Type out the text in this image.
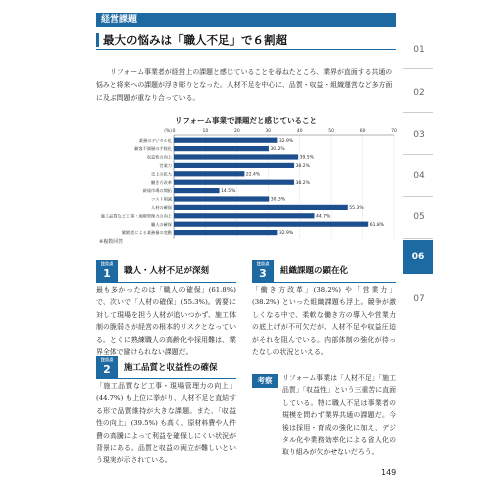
経営課題
最大の悩みは「職人不足」で６割超
リフォーム事業者が経営上の課題と感じていることを尋ねたところ、業界が直面する共通の悩みと将来への課題が浮き彫りとなった。人材不足を中心に、品質・収益・組織運営など多方面に及ぶ問題が重なり合っている。
リフォーム事業で課題だと感じていること
(%) 0	10	20	30	40	50	60	70
業務のデジタル化	32.9%
顧客不満層の手数化	30.2%
収益性の向上	39.5%
営業力	38.2%
売上の拡大	22.4%
働き方改革	38.2%
新規市場の開拓	14.5%
コスト削減	30.3%
人材の確保	55.3%
施工品質など工事・現場管理力の向上	44.7%
職人の確保	61.8%
繁閑差による業務量の変動	32.9%
※複数回答
注目点
1	職人・人材不足が深刻
最も多かったのは「職人の確保」(61.8%) で、次いで「人材の確保」(55.3%)。需要に対して現場を担う人材が追いつかず、施工体制の脆弱さが経営の根本的リスクとなっている。とくに熟練職人の高齢化や採用難は、業界全体で避けられない課題だ。
注目点
2	施工品質と収益性の確保
「施工品質など工事・現場管理力の向上」(44.7%) も上位に挙がり、人材不足と直結する形で品質維持が大きな課題。また、「収益性の向上」(39.5%) も高く、原材料費や人件費の高騰によって利益を確保しにくい状況が背景にある。品質と収益の両立が難しいという現実が示されている。
注目点
3	組織課題の顕在化
「働き方改革」(38.2%) や「営業力」(38.2%) といった組織課題も浮上。競争が激しくなる中で、柔軟な働き方の導入や営業力の底上げが不可欠だが、人材不足や収益圧迫がそれを阻んでいる。内部体制の強化が待ったなしの状況といえる。
考察	リフォーム事業は「人材不足」「施工品質」「収益性」という三重苦に直面している。特に職人不足は事業者の規模を問わず業界共通の課題だ。今後は採用・育成の強化に加え、デジタル化や業務効率化による省人化の取り組みが欠かせないだろう。
01
02
03
04
05
06
07
149
